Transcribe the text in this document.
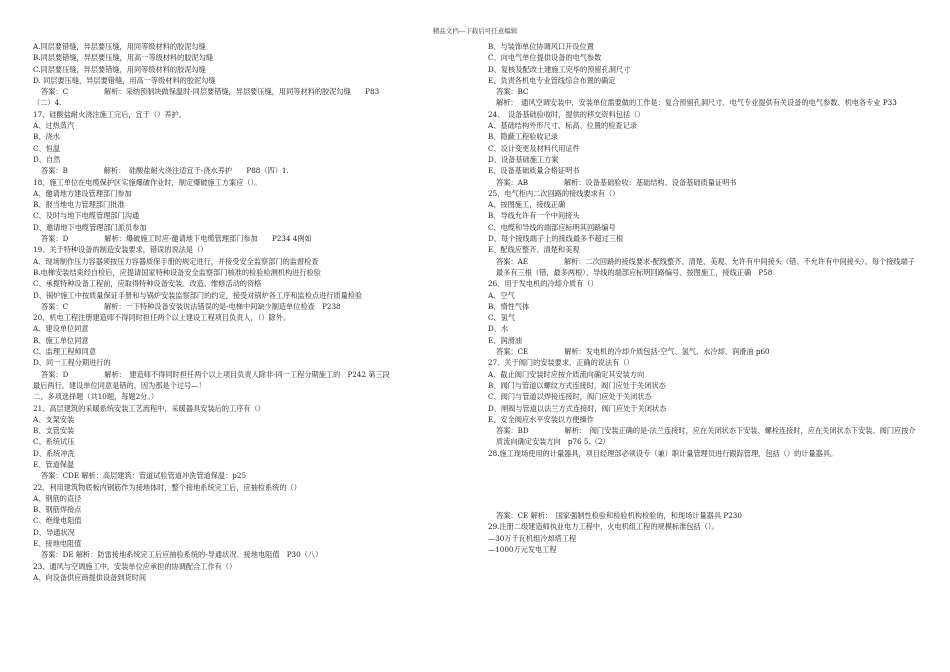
精品文档---下载后可任意编辑
A.同层要错缝，异层要压缝，用同等级材料的胶泥勾缝
B.同层要错缝，异层要压缝，用高一等级材料的胶泥勾缝
C.同层要压缝，异层要错缝，用同等级材料的胶泥勾缝
D. 同层要压缝，异层要错缝，用高一等级材料的胶泥勾缝
答案：C　　　　　解析：采纳预制块做保温时-同层要错缝，异层要压缝，用同等材料的胶泥勾缝　　P83
（二）4.
17、硅酸盐耐火浇注施工完后，宜于（）养护。
A、过热蒸汽
B、浇水
C、恒温
D、自然
答案：B　　　　　解析：　硅酸盐耐火浇注适宜于-浇水养护　　P88（四）1.
18、施工单位在电缆保护区实施爆破作业时，制定爆破施工方案应（）。
A、邀请地方建设管理部门参加
B、报当地电力管理部门批准
C、及时与地下电缆管理部门沟通
D、邀请地下电缆管理部门派员参加
答案：D　　　　　解析：爆破施工时应-邀请地下电缆管理部门参加　　P234 4例如
19、关于特种设备的制造安装要求，错误的说法是（）
A、现场制作压力容器须按压力容器质保手册的规定进行，并接受安全监察部门的监督检查
B.电梯安装结束经自检后，应提请国家特种设备安全监察部门核准的检验检测机构进行检验
C、承揽特种设备工程前，应取得特种设备安装、改造、维修活动的资格
D、锅炉施工中按质量保证手册和与锅炉安装监察部门的约定，接受对锅炉各工序和监检点进行质量检验
答案：C　　　　　解析：一下特种设备安装说法错误的是-电梯中间缺少制造单位检查　P238
20、机电工程注册建造师不得同时担任两个以上建设工程项目负责人，（）除外。
A、建设单位同意
B、施工单位同意
C、监理工程师同意
D、同一工程分期进行的
答案：D　　　　　解析：　建造师不得同时担任两个以上项目负责人除非-同一工程分期施工的　P242 第三段
最后两行，建设单位同意是错的，因为那是个过号—！
二、多项选择题（共10题，每题2分。）
21、高层建筑的采暖系统安装工艺流程中，采暖器具安装后的工序有（）
A、支架安装
B、支管安装
C、系统试压
D、系统冲洗
E、管道保温
答案：CDE 解析：高层建筑：管道试验管道冲洗管道保温：p25
22、利用建筑物底板内钢筋作为接地体时，整个接地系统完工后，应抽检系统的（）
A、钢筋的直径
B、钢筋焊接点
C、绝缘电阻值
D、导通状况
E、接地电阻值
答案：DE 解析：防雷接地系统完工后应抽验系统的-导通状况、接地电阻值　P30（八）
23、通风与空调施工中，安装单位应承担的协调配合工作有（）
A、向设备供应商提供设备到货时间
B、与装饰单位协调风口开设位置
C、向电气单位提供设备的电气参数
D、复核及配改土建施工完毕的预留孔洞尺寸
E、负责各机电专业管线综合布置的确定
答案：BC
解析：　通风空调安装中，安装单位需要做的工作是：复合预留孔洞尺寸、电气专业提供有关设备的电气参数、机电各专业 P33
24、　设备基础验收时，提供的移交资料包括（）
A、基础结构外形尺寸、标高、位置的检查记录
B、隐蔽工程验收记录
C、设计变更及材料代用证件
D、设备基础施工方案
E、设备基础质量合格证明书
答案：AB　　　　　解析：设备基础验收：基础结构、设备基础质量证明书
25、电气柜内二次回路的接线要求有（）
A、按图施工，接线正确
B、导线允许有一个中间接头
C、电缆和导线的端部应标明其回路编号
D、每个接线端子上的接线最多不超过三根
E、配线应整齐、清楚和美观
答案：AE　　　　　解析：二次回路的接线要求-配线整齐、清楚、美观、允许有中间接头（错、不允许有中间接头）、每个接线端子最多有三根（错，最多两根）、导线的端部应标明回路编号、按图施工，接线正确　P58
26、用于发电机的冷却介质有（）
A、空气
B、惰性气体
C、氢气
D、水
E、润滑油
答案：CE　　　　　解析：发电机的冷却介质包括-空气、氢气、水冷却、润滑油 p60
27、关于阀门的安装要求，正确的说法有（）
A、截止阀门安装时应按介质流向确定其安装方向
B、阀门与管道以螺纹方式连接时，阀门应处于关闭状态
C、阀门与管道以焊接连接时，阀门应处于关闭状态
D、闸阀与管道以法兰方式连接时，阀门应处于关闭状态
E、安全阀应水平安装以方便操作
答案：BD　　　　　解析：　阀门安装正确的是-法兰连接时，应在关闭状态下安装、螺栓连接时，应在关闭状态下安装、阀门应按介质流向确定安装方向　p76 5.（2）
28.施工现场使用的计量器具，项目经理部必须设专（兼）职计量管理员进行跟踪管理，包括（）的计量器具。
答案：CE 解析：　国家强制性检验和检验机构检验的，和现场计量器具 P230
29.注册二级建造师执业电力工程中，火电机组工程的规模标准包括（）。
—30万千瓦机组冷却塔工程
—1000万元发电工程
